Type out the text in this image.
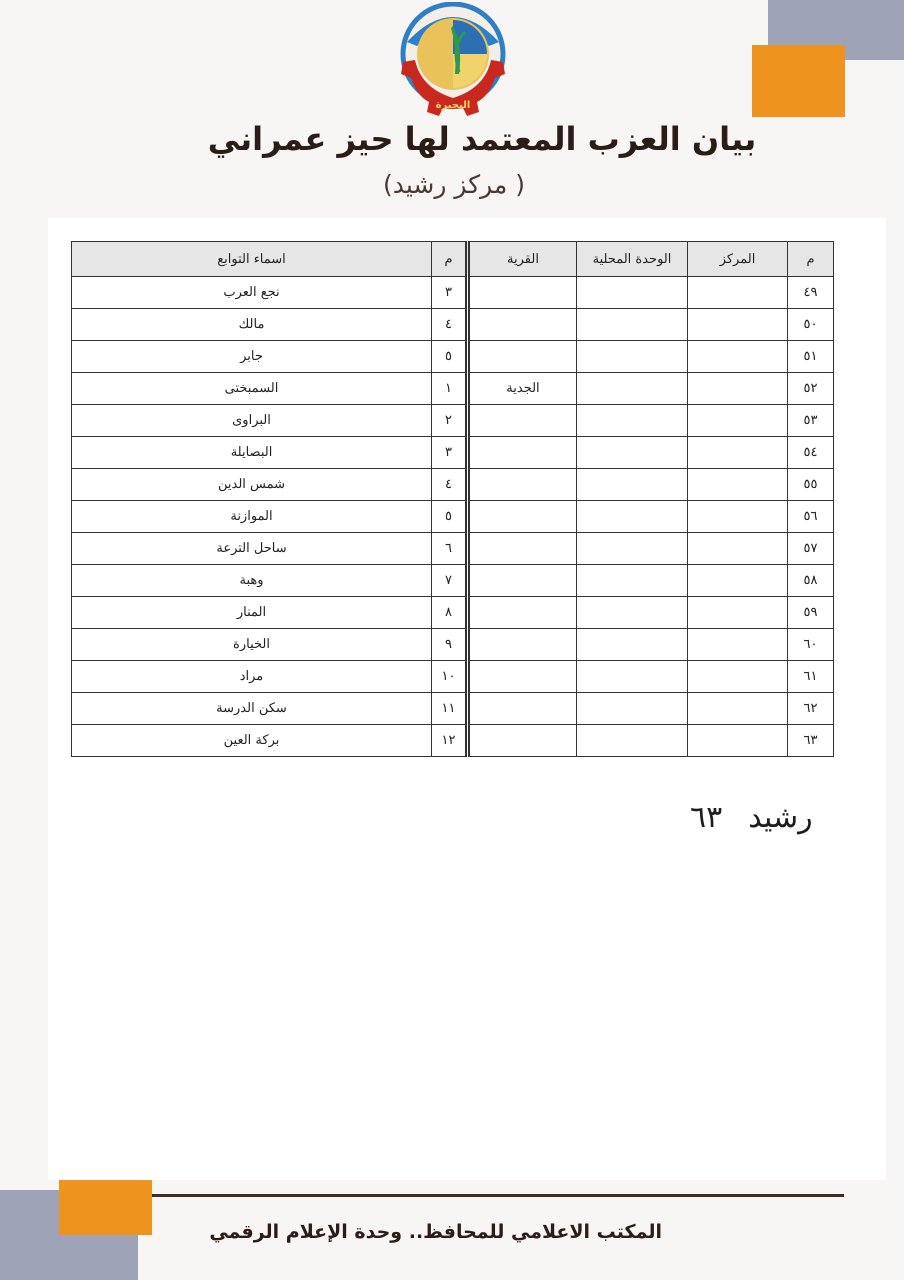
البحيرة
بيان العزب المعتمد لها حيز عمراني
( مركز رشيد)
م	المركز	الوحدة المحلية	القرية	م	اسماء التوابع
٤٩				٣	نجع العرب
٥٠				٤	مالك
٥١				٥	جابر
٥٢			الجدية	١	السمبختى
٥٣				٢	البراوى
٥٤				٣	البصايلة
٥٥				٤	شمس الدين
٥٦				٥	الموازنة
٥٧				٦	ساحل الترعة
٥٨				٧	وهبة
٥٩				٨	المنار
٦٠				٩	الخيارة
٦١				١٠	مراد
٦٢				١١	سكن الدرسة
٦٣				١٢	بركة العين
رشيد٦٣
المكتب الاعلامي للمحافظ.. وحدة الإعلام الرقمي
